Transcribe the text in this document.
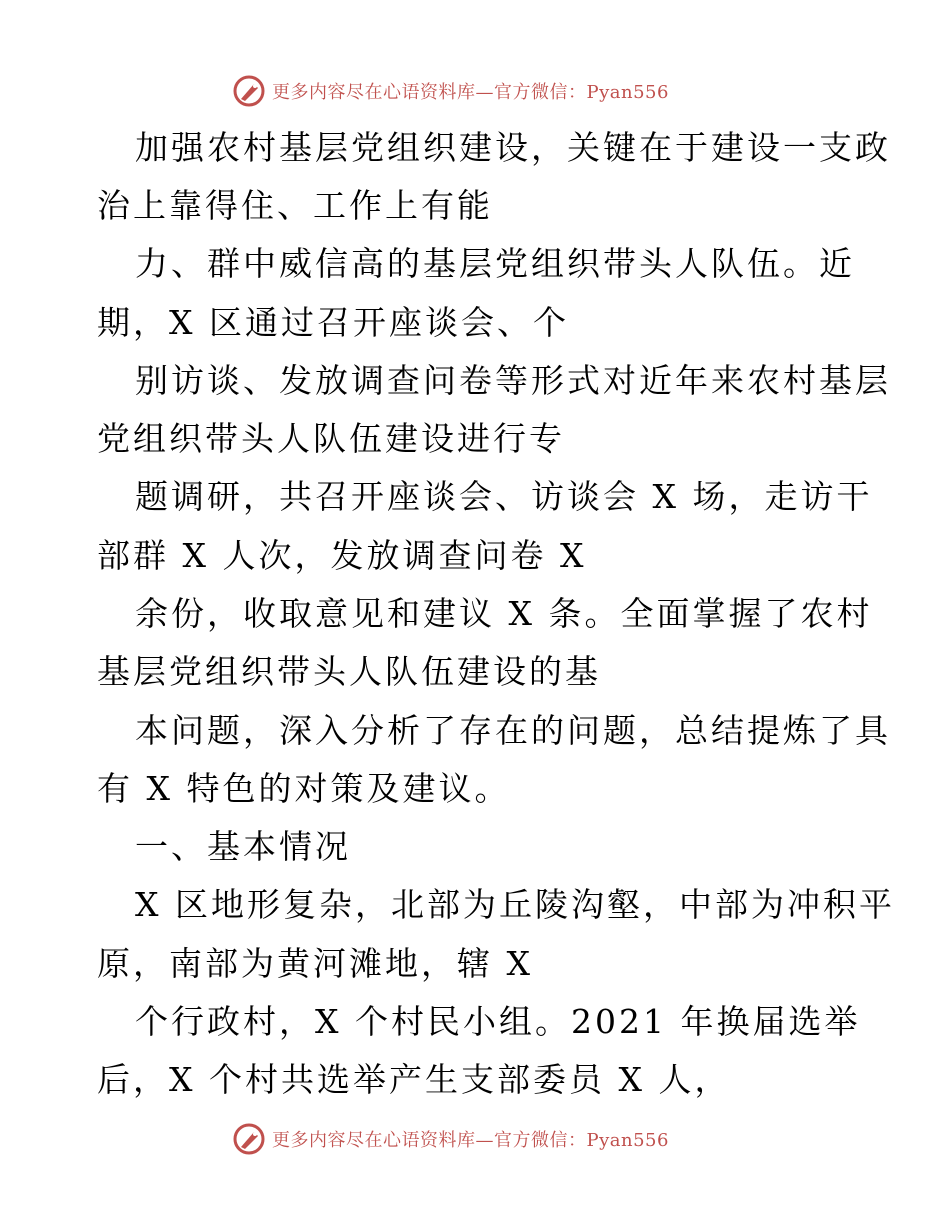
更多内容尽在心语资料库—官方微信：Pyan556
加强农村基层党组织建设，关键在于建设一支政
治上靠得住、工作上有能
力、群中威信高的基层党组织带头人队伍。近
期，X 区通过召开座谈会、个
别访谈、发放调查问卷等形式对近年来农村基层
党组织带头人队伍建设进行专
题调研，共召开座谈会、访谈会 X 场，走访干
部群 X 人次，发放调查问卷 X
余份，收取意见和建议 X 条。全面掌握了农村
基层党组织带头人队伍建设的基
本问题，深入分析了存在的问题，总结提炼了具
有 X 特色的对策及建议。
一、基本情况
X 区地形复杂，北部为丘陵沟壑，中部为冲积平
原，南部为黄河滩地，辖 X
个行政村，X 个村民小组。2021 年换届选举
后，X 个村共选举产生支部委员 X 人，
更多内容尽在心语资料库—官方微信：Pyan556
